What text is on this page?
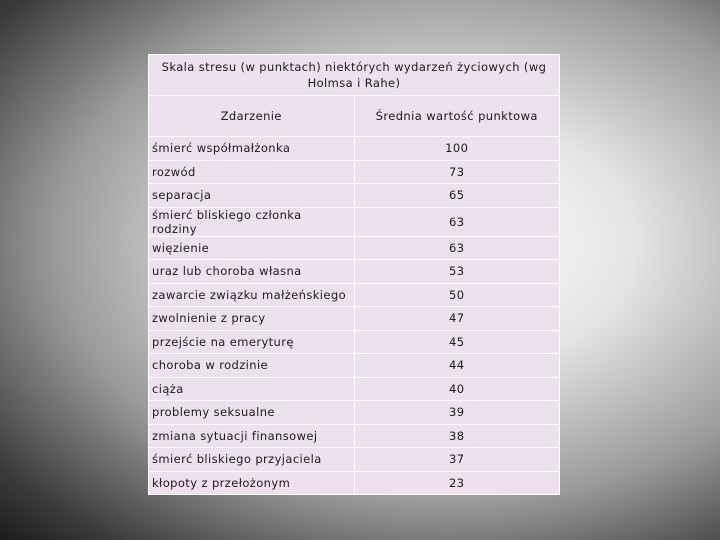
Skala stresu (w punktach) niektórych wydarzeń życiowych (wg Holmsa i Rahe)	
Zdarzenie	Średnia wartość punktowa
śmierć współmałżonka	100
rozwód	73
separacja	65
śmierć bliskiego członka rodziny	63
więzienie	63
uraz lub choroba własna	53
zawarcie związku małżeńskiego	50
zwolnienie z pracy	47
przejście na emeryturę	45
choroba w rodzinie	44
ciąża	40
problemy seksualne	39
zmiana sytuacji finansowej	38
śmierć bliskiego przyjaciela	37
kłopoty z przełożonym	23
